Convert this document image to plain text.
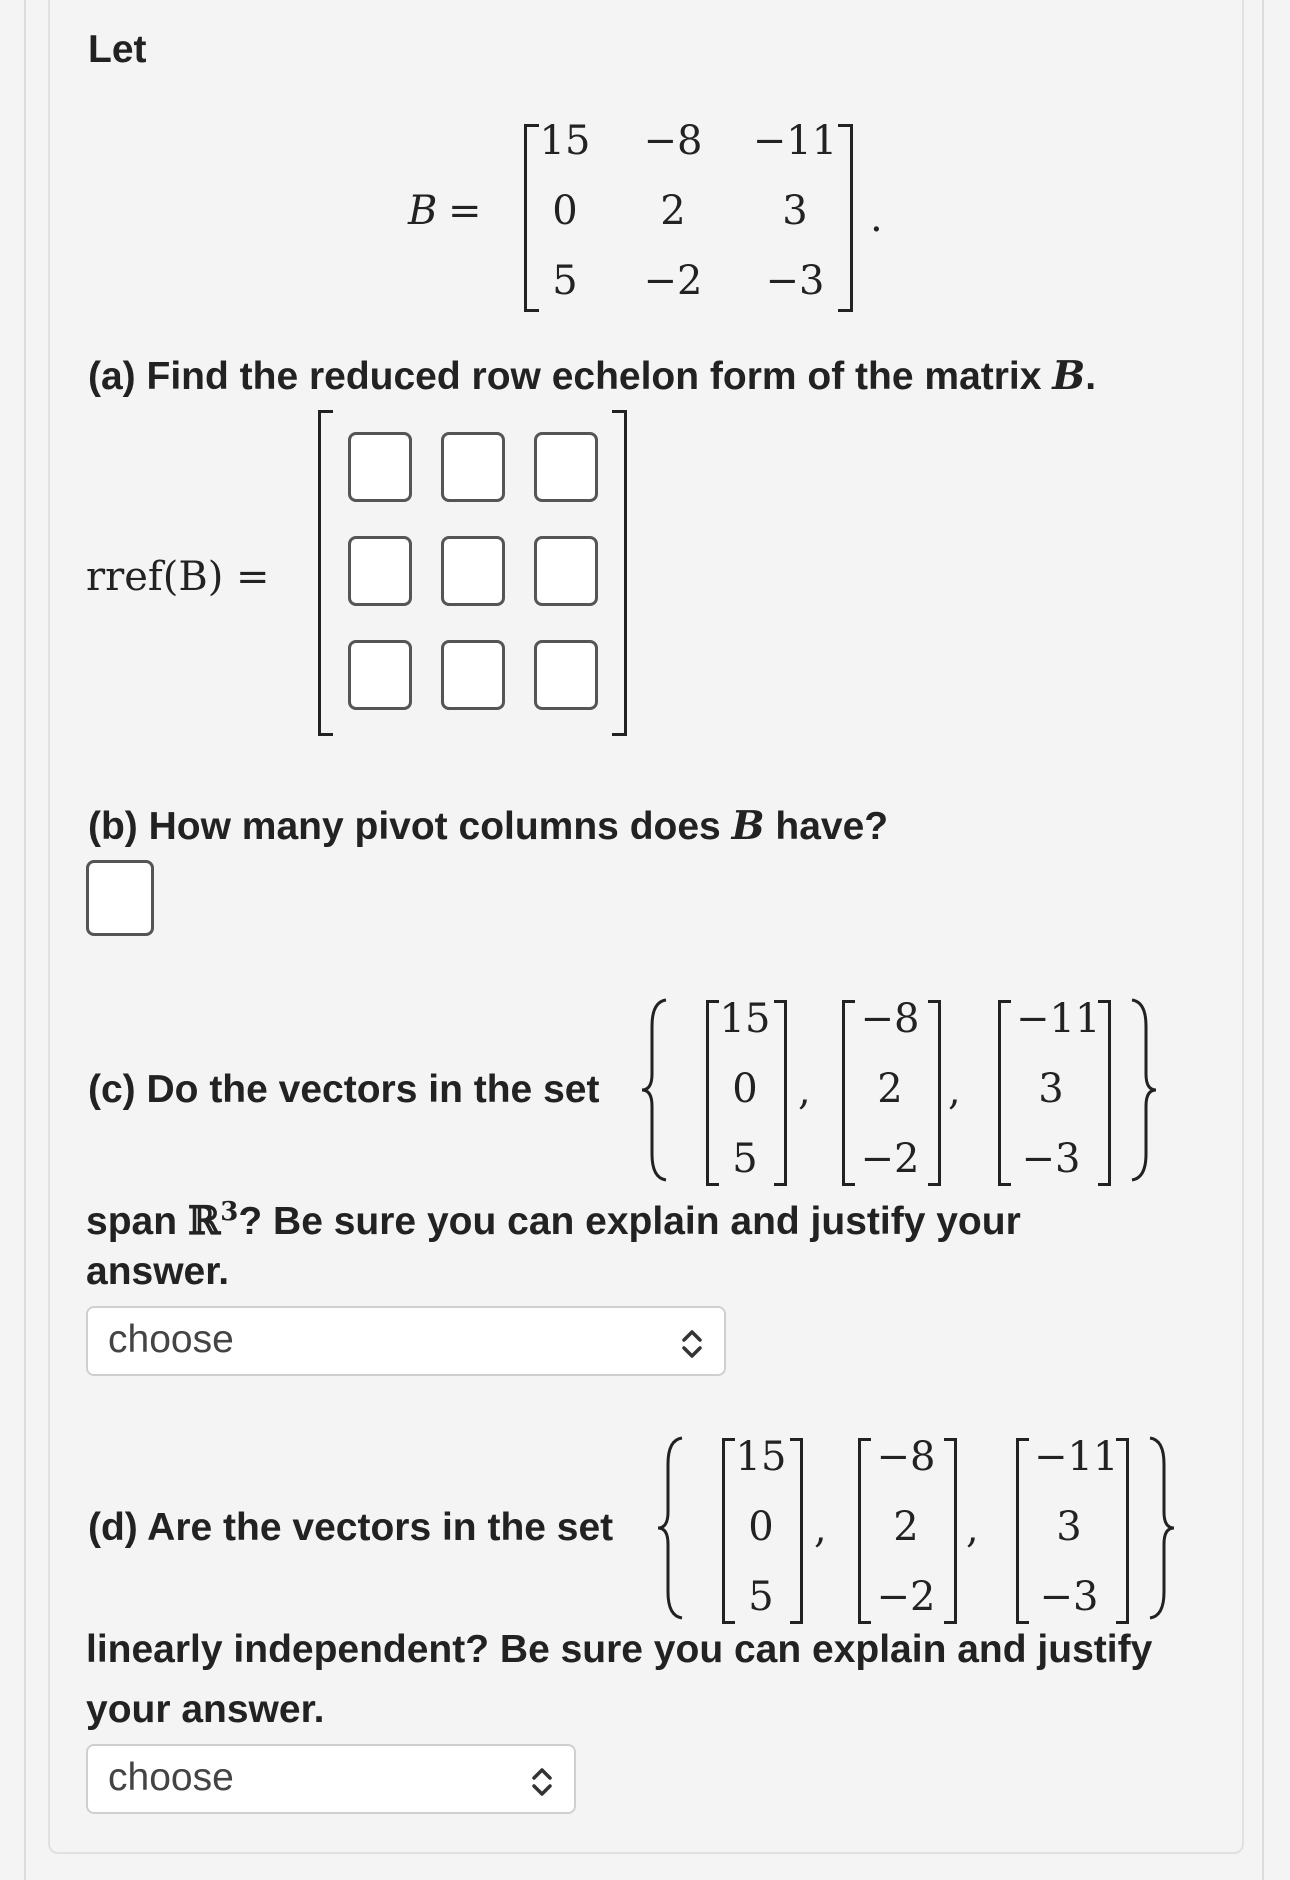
Let
B =
15	−8	−11
0	2	3
5	−2	−3
.
(a) Find the reduced row echelon form of the matrix B.
rref(B) =
(b) How many pivot columns does B have?
(c) Do the vectors in the set
15
0
5
,
−8
2
−2
,
−11
3
−3
span ℝ$^3$? Be sure you can explain and justify your
answer.
choose
(d) Are the vectors in the set
15
0
5
,
−8
2
−2
,
−11
3
−3
linearly independent? Be sure you can explain and justify
your answer.
choose
